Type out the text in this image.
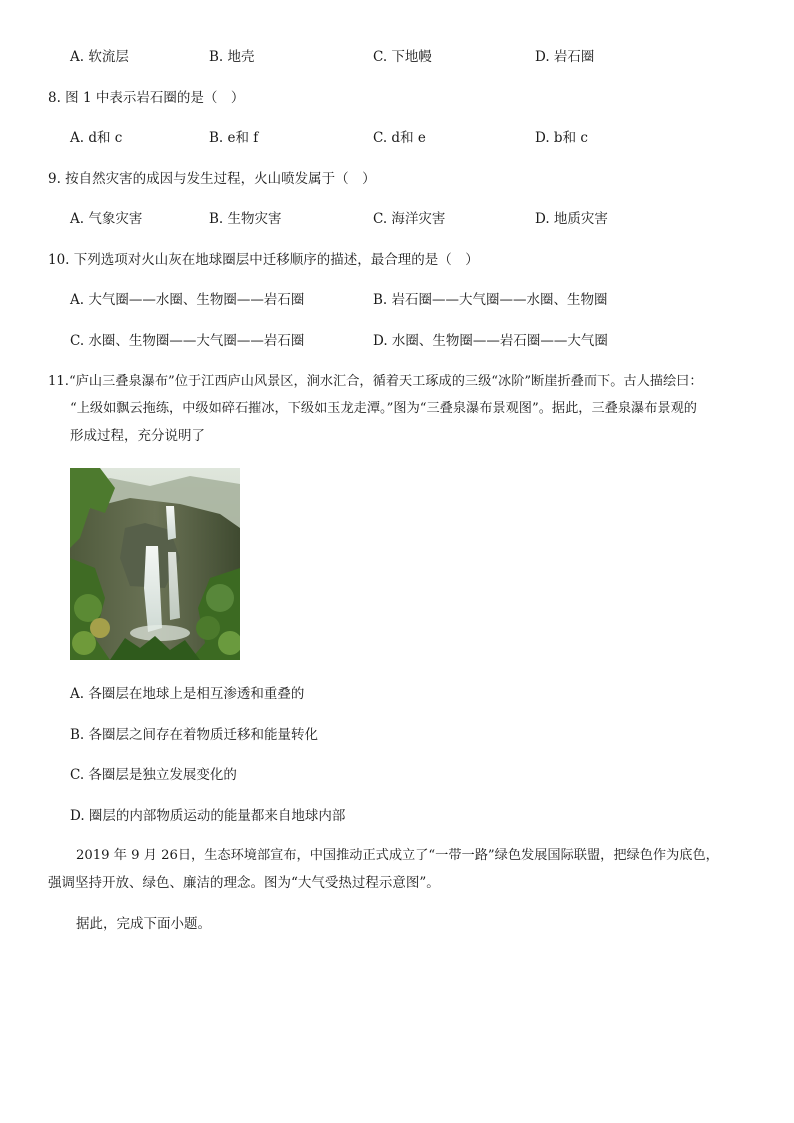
A. 软流层	B. 地壳	C. 下地幔	D. 岩石圈
8. 图 1 中表示岩石圈的是（　）
A. d和 c	B. e和 f	C. d和 e	D. b和 c
9. 按自然灾害的成因与发生过程，火山喷发属于（　）
A. 气象灾害	B. 生物灾害	C. 海洋灾害	D. 地质灾害
10. 下列选项对火山灰在地球圈层中迁移顺序的描述，最合理的是（　）
A. 大气圈——水圈、生物圈——岩石圈	B. 岩石圈——大气圈——水圈、生物圈
C. 水圈、生物圈——大气圈——岩石圈	D. 水圈、生物圈——岩石圈——大气圈
11.“庐山三叠泉瀑布”位于江西庐山风景区，涧水汇合，循着天工琢成的三级“冰阶”断崖折叠而下。古人描绘曰：
“上级如飘云拖练，中级如碎石摧冰，下级如玉龙走潭。”图为“三叠泉瀑布景观图”。据此，三叠泉瀑布景观的
形成过程，充分说明了
A. 各圈层在地球上是相互渗透和重叠的
B. 各圈层之间存在着物质迁移和能量转化
C. 各圈层是独立发展变化的
D. 圈层的内部物质运动的能量都来自地球内部
2019 年 9 月 26日，生态环境部宣布，中国推动正式成立了“一带一路”绿色发展国际联盟，把绿色作为底色，
强调坚持开放、绿色、廉洁的理念。图为“大气受热过程示意图”。
据此，完成下面小题。
